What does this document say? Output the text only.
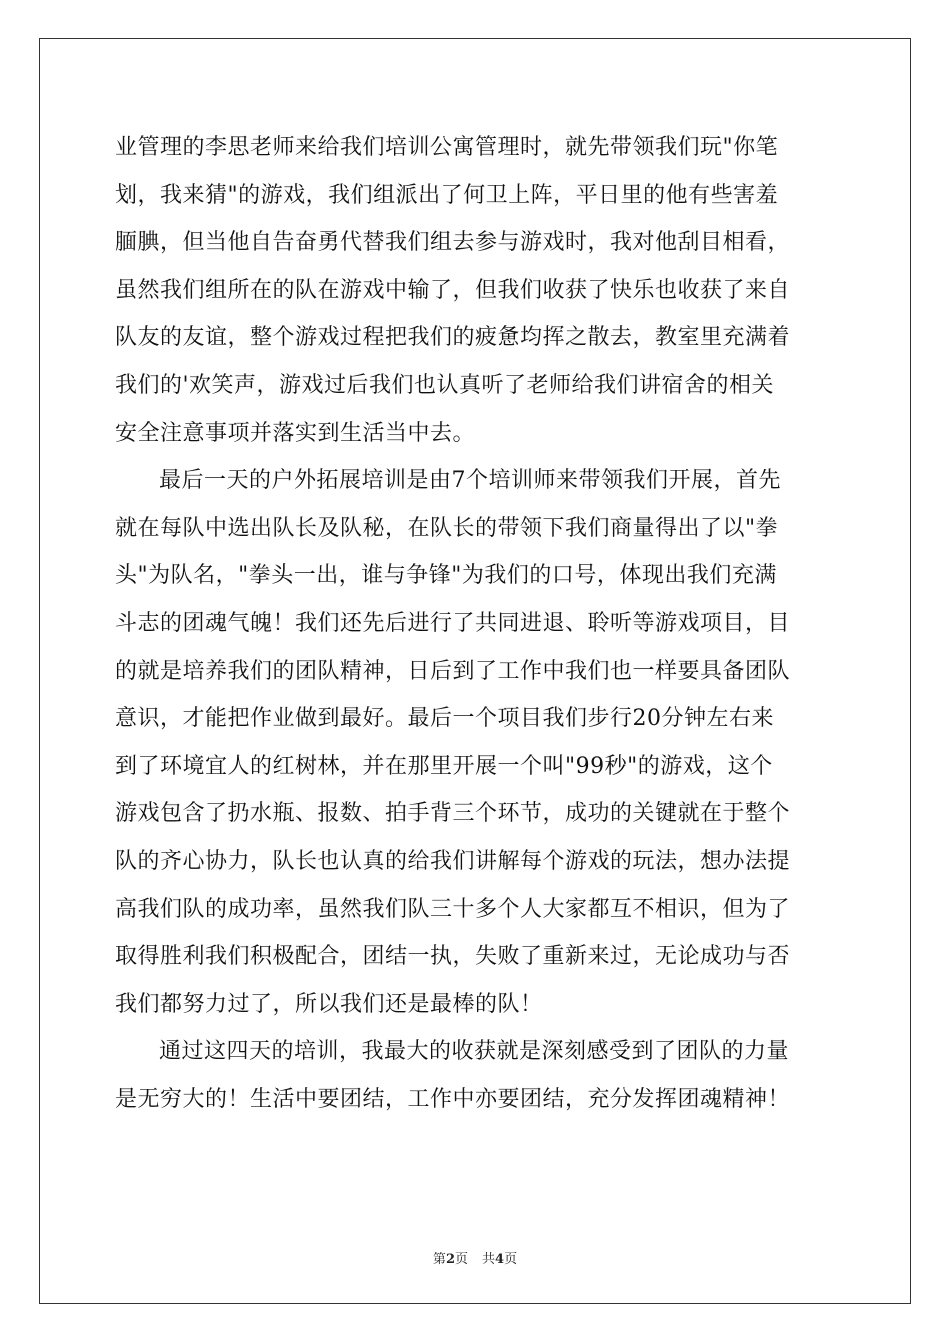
业管理的李思老师来给我们培训公寓管理时，就先带领我们玩"你笔
划，我来猜"的游戏，我们组派出了何卫上阵，平日里的他有些害羞
腼腆，但当他自告奋勇代替我们组去参与游戏时，我对他刮目相看，
虽然我们组所在的队在游戏中输了，但我们收获了快乐也收获了来自
队友的友谊，整个游戏过程把我们的疲惫均挥之散去，教室里充满着
我们的'欢笑声，游戏过后我们也认真听了老师给我们讲宿舍的相关
安全注意事项并落实到生活当中去。
最后一天的户外拓展培训是由7个培训师来带领我们开展，首先
就在每队中选出队长及队秘，在队长的带领下我们商量得出了以"拳
头"为队名，"拳头一出，谁与争锋"为我们的口号，体现出我们充满
斗志的团魂气魄！我们还先后进行了共同进退、聆听等游戏项目，目
的就是培养我们的团队精神，日后到了工作中我们也一样要具备团队
意识，才能把作业做到最好。最后一个项目我们步行20分钟左右来
到了环境宜人的红树林，并在那里开展一个叫"99秒"的游戏，这个
游戏包含了扔水瓶、报数、拍手背三个环节，成功的关键就在于整个
队的齐心协力，队长也认真的给我们讲解每个游戏的玩法，想办法提
高我们队的成功率，虽然我们队三十多个人大家都互不相识，但为了
取得胜利我们积极配合，团结一执，失败了重新来过，无论成功与否
我们都努力过了，所以我们还是最棒的队！
通过这四天的培训，我最大的收获就是深刻感受到了团队的力量
是无穷大的！生活中要团结，工作中亦要团结，充分发挥团魂精神！
第2页 共4页
